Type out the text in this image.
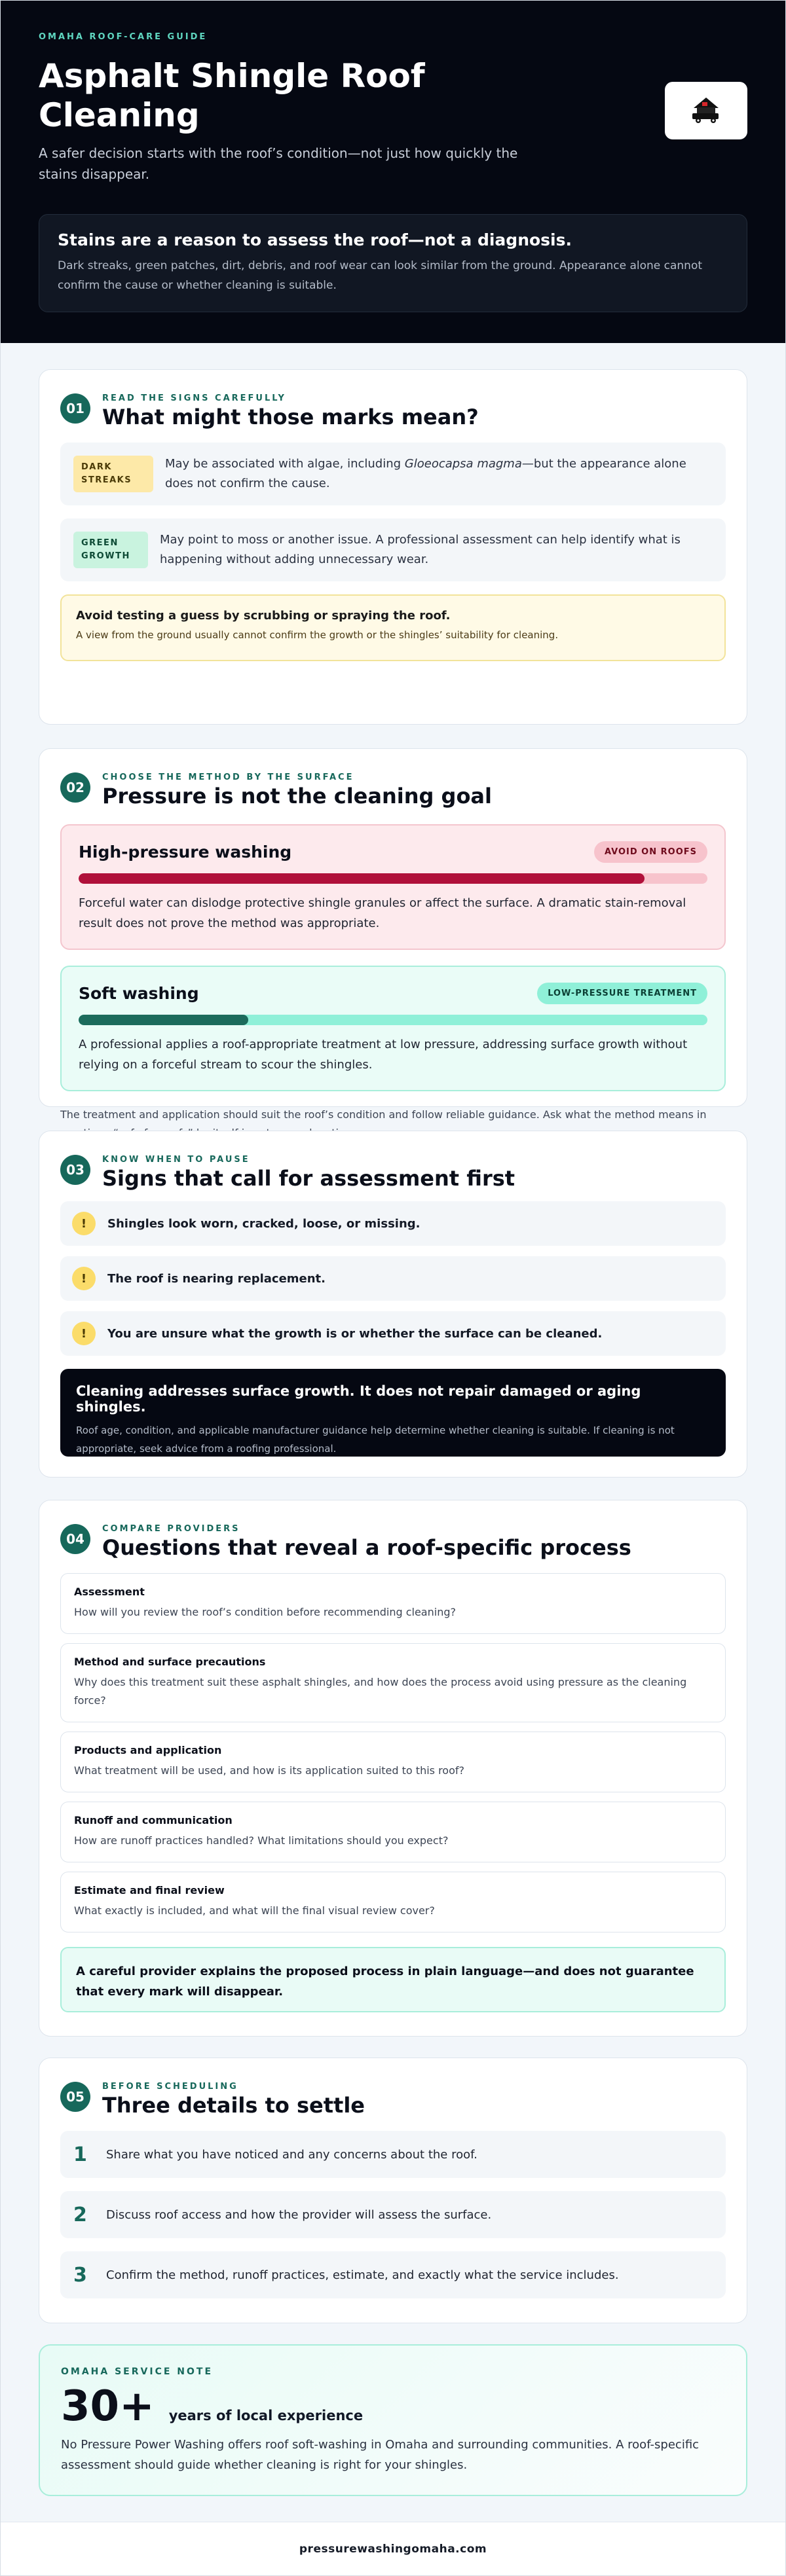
OMAHA ROOF-CARE GUIDE
Asphalt Shingle Roof Cleaning

A safer decision starts with the roof’s condition—not just how quickly the stains disappear.

Stains are a reason to assess the roof—not a diagnosis.

Dark streaks, green patches, dirt, debris, and roof wear can look similar from the ground. Appearance alone cannot confirm the cause or whether cleaning is suitable.

01
READ THE SIGNS CAREFULLY
What might those marks mean?
DARK STREAKS
May be associated with algae, including Gloeocapsa magma—but the appearance alone does not confirm the cause.
GREEN GROWTH
May point to moss or another issue. A professional assessment can help identify what is happening without adding unnecessary wear.
Avoid testing a guess by scrubbing or spraying the roof.

A view from the ground usually cannot confirm the growth or the shingles’ suitability for cleaning.

02
CHOOSE THE METHOD BY THE SURFACE
Pressure is not the cleaning goal
High-pressure washing	AVOID ON ROOFS

Forceful water can dislodge protective shingle granules or affect the surface. A dramatic stain-removal result does not prove the method was appropriate.

Soft washing	LOW-PRESSURE TREATMENT

A professional applies a roof-appropriate treatment at low pressure, addressing surface growth without relying on a forceful stream to scour the shingles.

The treatment and application should suit the roof’s condition and follow reliable guidance. Ask what the method means in

03
KNOW WHEN TO PAUSE
Signs that call for assessment first
!	Shingles look worn, cracked, loose, or missing.
!	The roof is nearing replacement.
!	You are unsure what the growth is or whether the surface can be cleaned.
Cleaning addresses surface growth. It does not repair damaged or aging shingles.

Roof age, condition, and applicable manufacturer guidance help determine whether cleaning is suitable. If cleaning is not appropriate, seek advice from a roofing professional.

04
COMPARE PROVIDERS
Questions that reveal a roof-specific process
Assessment

How will you review the roof’s condition before recommending cleaning?

Method and surface precautions

Why does this treatment suit these asphalt shingles, and how does the process avoid using pressure as the cleaning force?

Products and application

What treatment will be used, and how is its application suited to this roof?

Runoff and communication

How are runoff practices handled? What limitations should you expect?

Estimate and final review

What exactly is included, and what will the final visual review cover?

A careful provider explains the proposed process in plain language—and does not guarantee that every mark will disappear.

05
BEFORE SCHEDULING
Three details to settle
1	Share what you have noticed and any concerns about the roof.
2	Discuss roof access and how the provider will assess the surface.
3	Confirm the method, runoff practices, estimate, and exactly what the service includes.
OMAHA SERVICE NOTE
30+ years of local experience

No Pressure Power Washing offers roof soft-washing in Omaha and surrounding communities. A roof-specific assessment should guide whether cleaning is right for your shingles.

pressurewashingomaha.com
